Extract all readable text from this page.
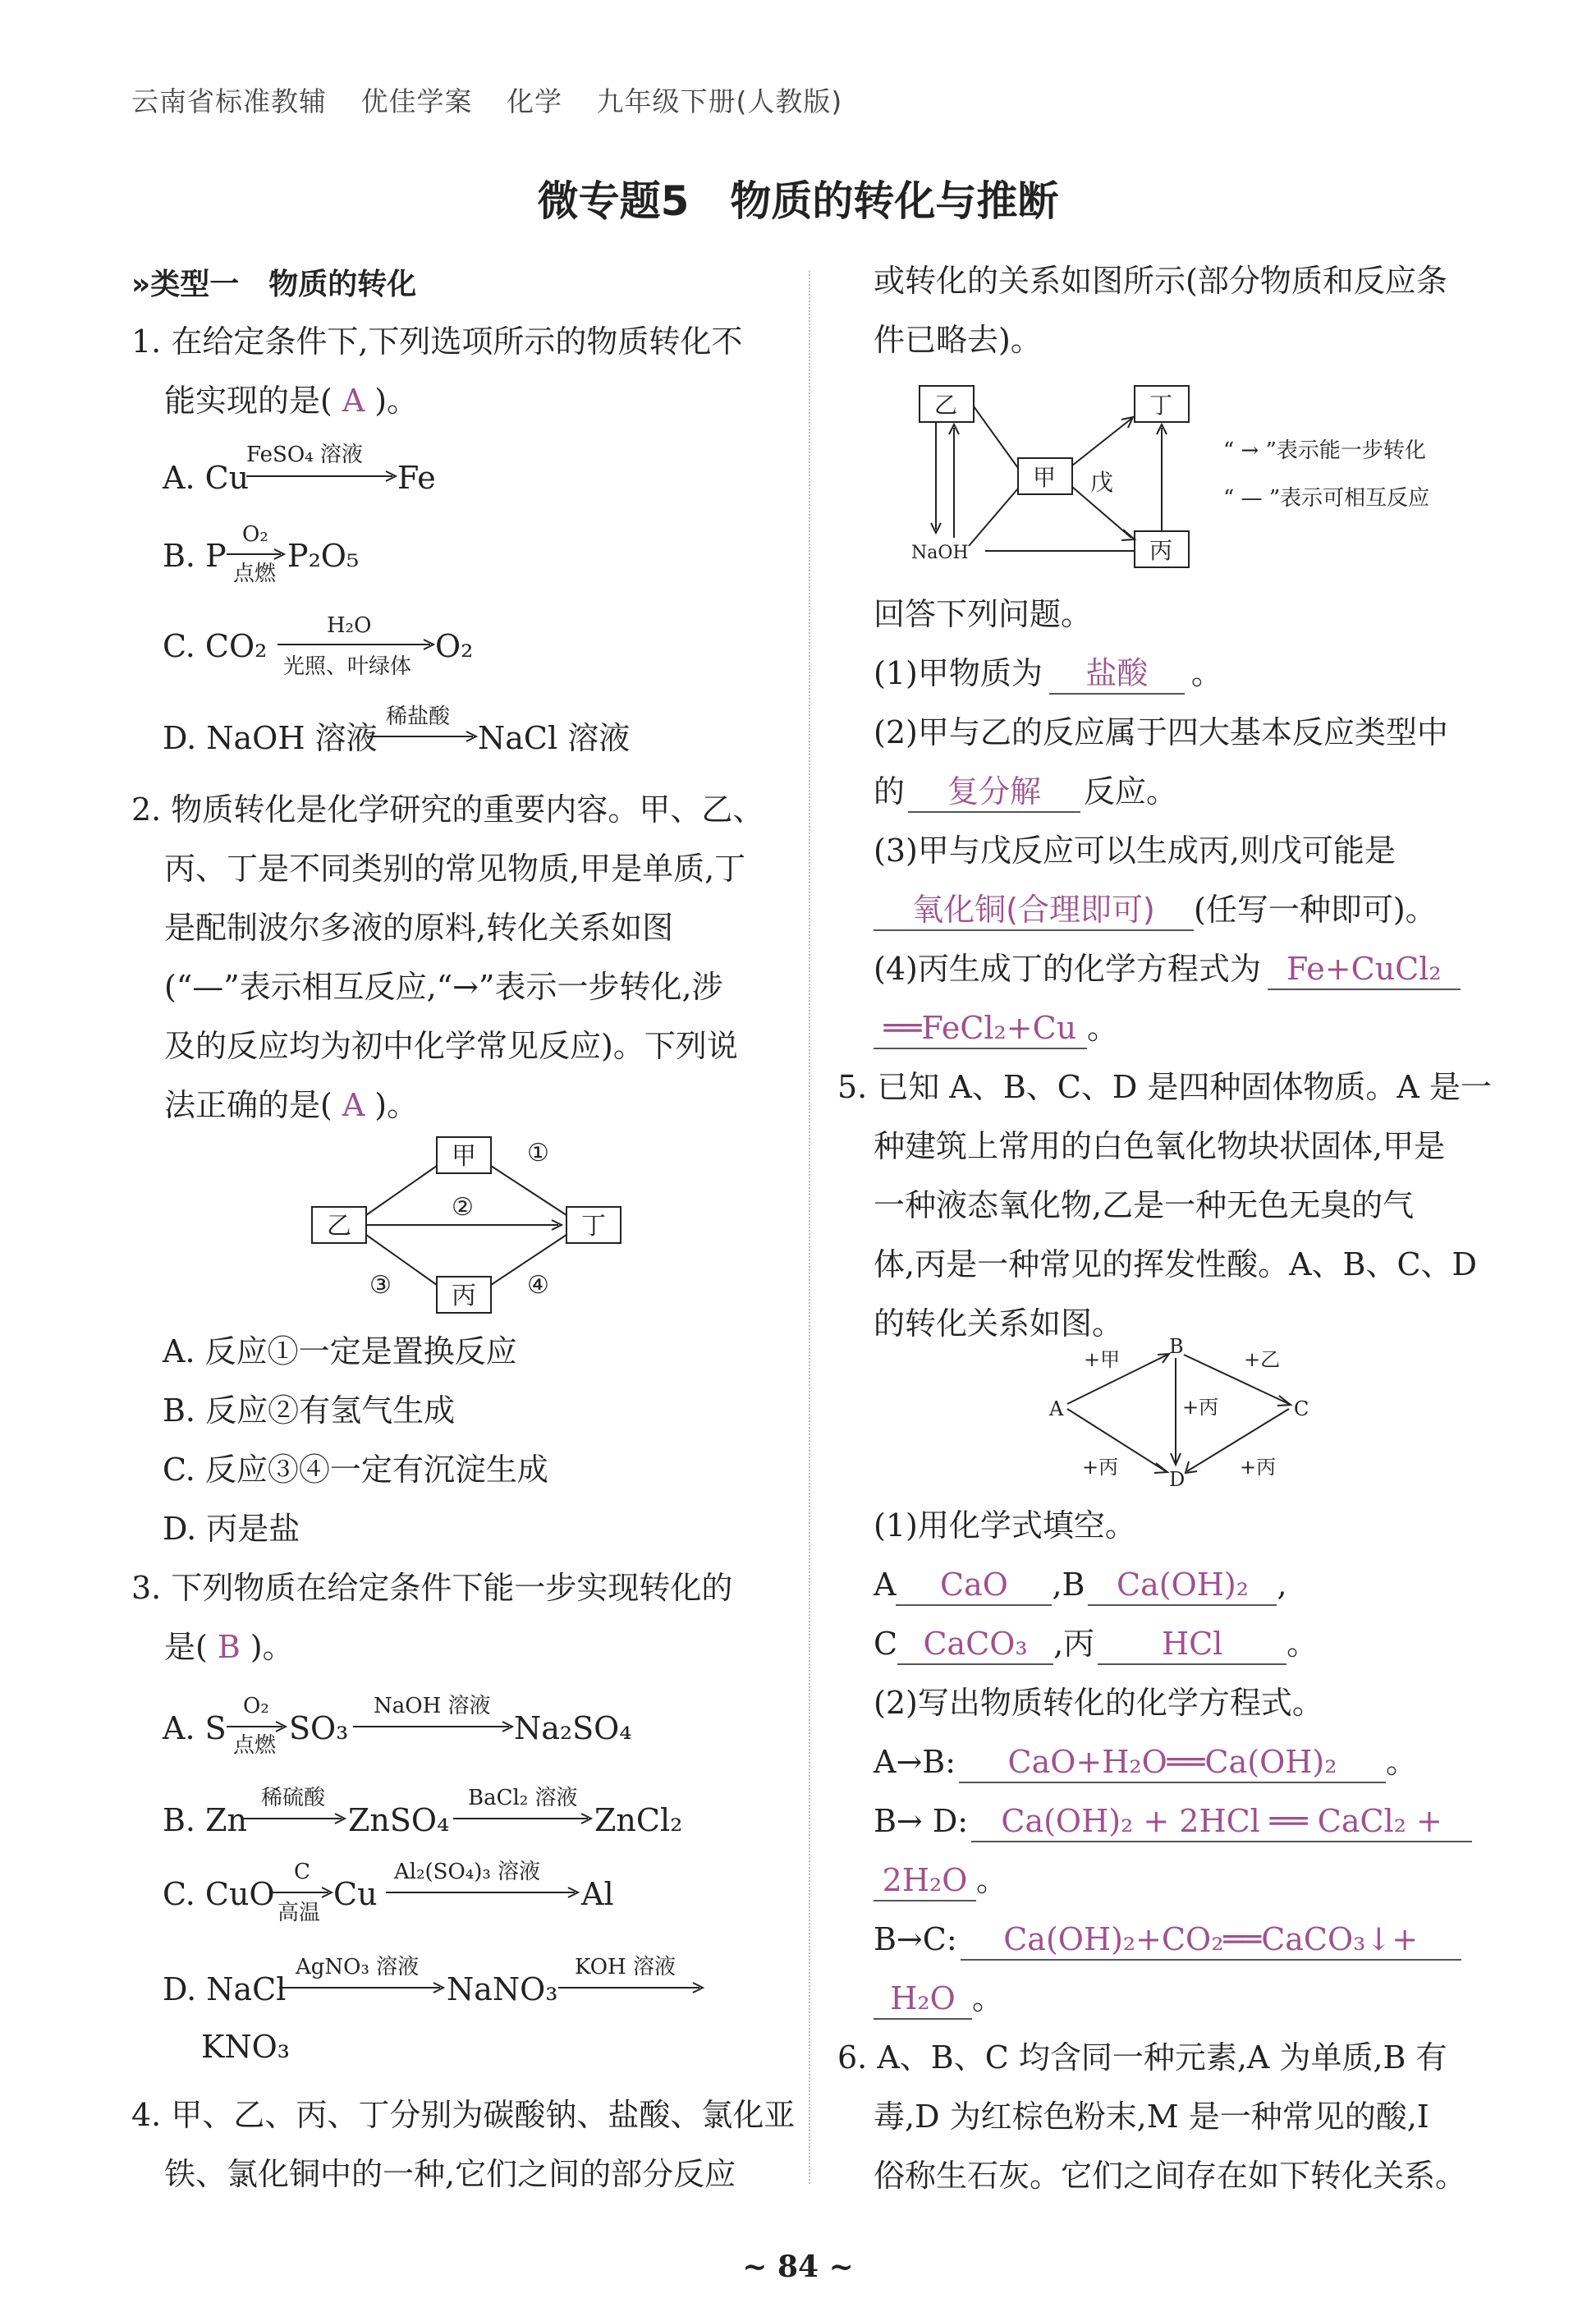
云南省标准教辅 优佳学案 化学 九年级下册(人教版)
微专题5　物质的转化与推断
»类型一　物质的转化
1. 在给定条件下,下列选项所示的物质转化不
能实现的是( A )。
A. Cu
FeSO₄ 溶液
Fe
B. P
O₂
点燃 P₂O₅
C. CO₂
H₂O
光照、叶绿体
O₂
D. NaOH 溶液
稀盐酸
NaCl 溶液
2. 物质转化是化学研究的重要内容。甲、乙、
丙、丁是不同类别的常见物质,甲是单质,丁
是配制波尔多液的原料,转化关系如图
(“—”表示相互反应,“→”表示一步转化,涉
及的反应均为初中化学常见反应)。下列说
法正确的是( A )。
甲
乙	丁
丙
①
②
③	④
A. 反应①一定是置换反应
B. 反应②有氢气生成
C. 反应③④一定有沉淀生成
D. 丙是盐
3. 下列物质在给定条件下能一步实现转化的
是( B )。
A. S
O₂
点燃 SO₃
NaOH 溶液
Na₂SO₄
B. Zn
稀硫酸
ZnSO₄
BaCl₂ 溶液
ZnCl₂
C. CuO
C
高温
Cu
Al₂(SO₄)₃ 溶液
Al
D. NaCl
AgNO₃ 溶液
NaNO₃
KOH 溶液
KNO₃
4. 甲、乙、丙、丁分别为碳酸钠、盐酸、氯化亚
铁、氯化铜中的一种,它们之间的部分反应
或转化的关系如图所示(部分物质和反应条
件已略去)。
乙	丁
甲 戊
NaOH	丙
“ → ”表示能一步转化
“ — ”表示可相互反应
回答下列问题。
(1)甲物质为 盐酸 。
(2)甲与乙的反应属于四大基本反应类型中
的 复分解 反应。
(3)甲与戊反应可以生成丙,则戊可能是
氧化铜(合理即可) (任写一种即可)。
(4)丙生成丁的化学方程式为 Fe+CuCl₂
══FeCl₂+Cu 。
5. 已知 A、B、C、D 是四种固体物质。A 是一
种建筑上常用的白色氧化物块状固体,甲是
一种液态氧化物,乙是一种无色无臭的气
体,丙是一种常见的挥发性酸。A、B、C、D
的转化关系如图。
B
A	C
D
+甲	+乙
+丙
+丙	+丙
(1)用化学式填空。
A CaO ,B Ca(OH)₂ ,
C CaCO₃ ,丙 HCl 。
(2)写出物质转化的化学方程式。
A→B: CaO+H₂O══Ca(OH)₂ 。
B→ D: Ca(OH)₂ + 2HCl ══ CaCl₂ +
2H₂O 。
B→C: Ca(OH)₂+CO₂══CaCO₃↓+
H₂O 。
6. A、B、C 均含同一种元素,A 为单质,B 有
毒,D 为红棕色粉末,M 是一种常见的酸,I
俗称生石灰。它们之间存在如下转化关系。
~ 84 ~
